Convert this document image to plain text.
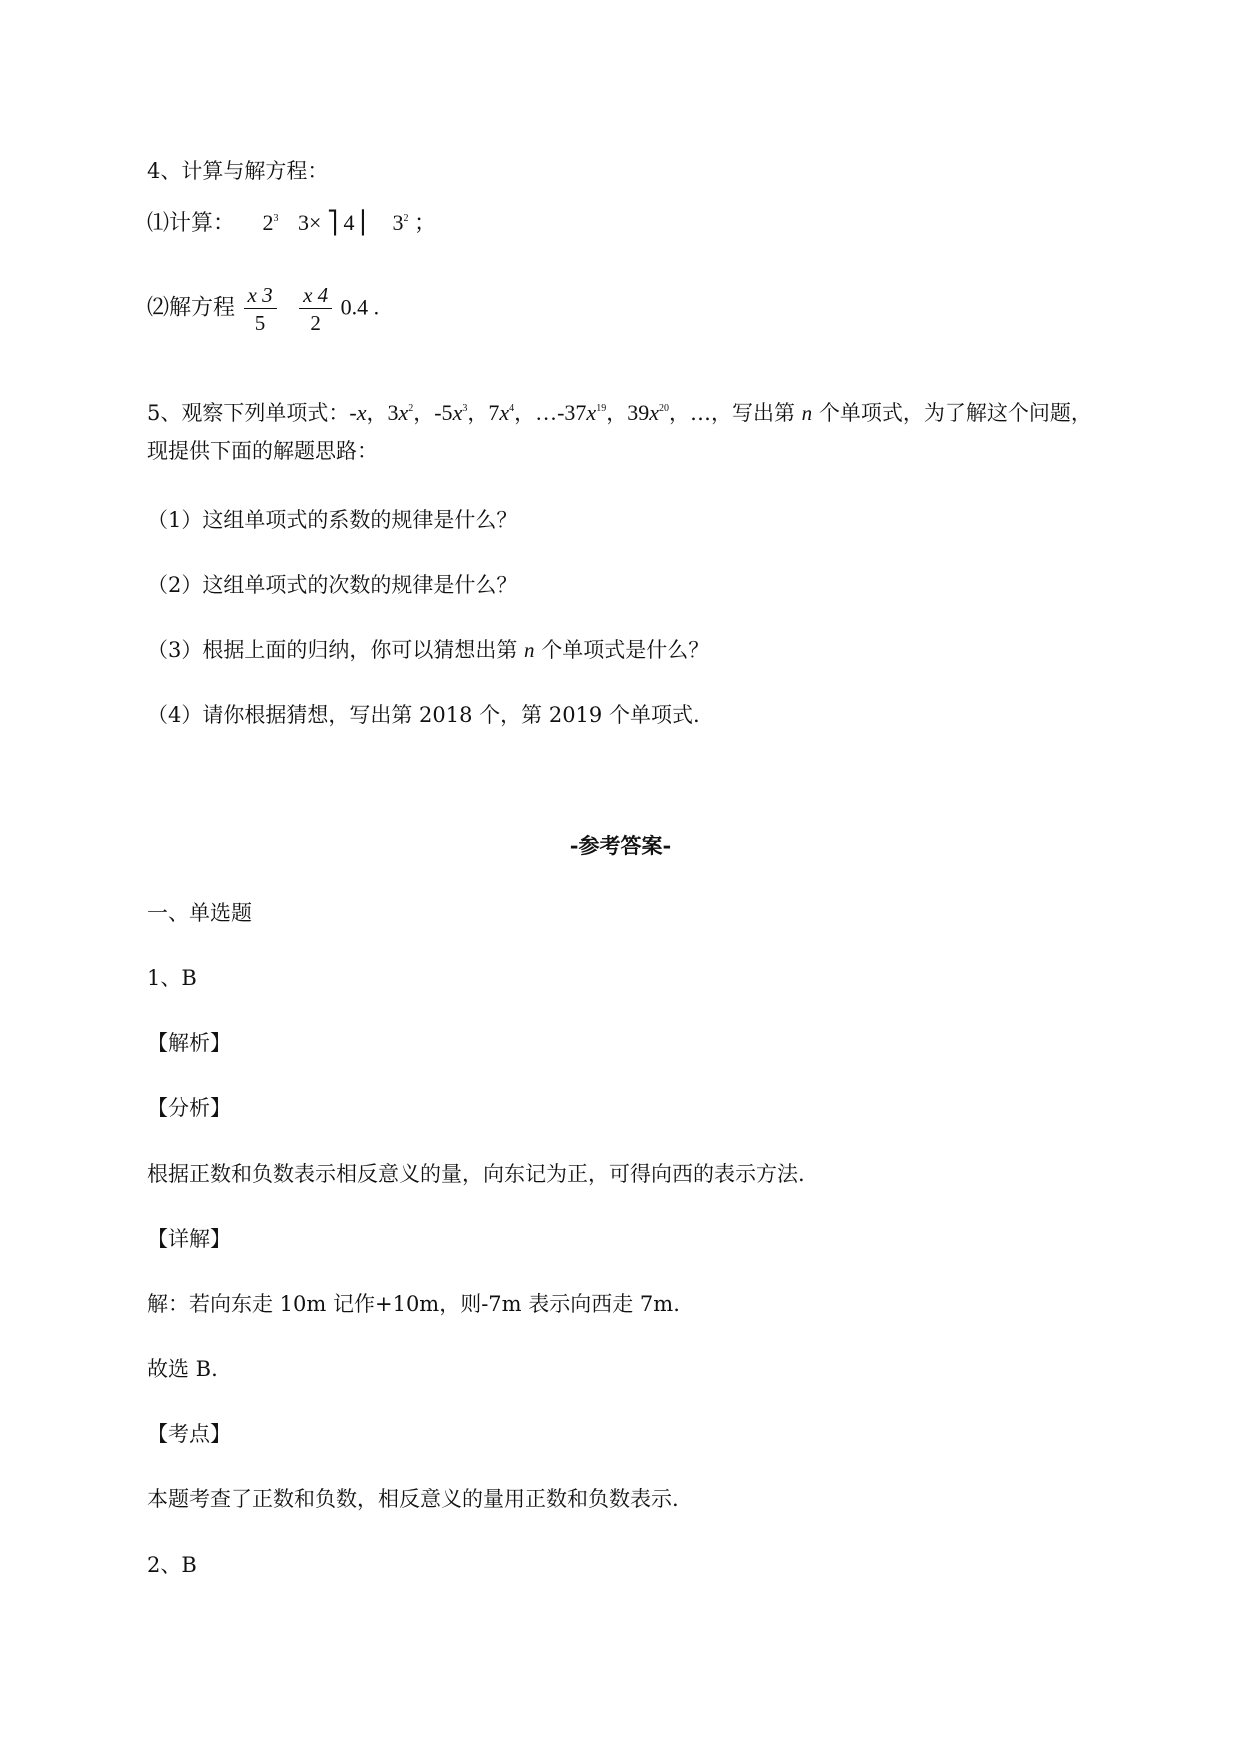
4、计算与解方程：
⑴计算： $2^3$ 3× ⎤ 4 ⎢ $3^2$ ；
⑵解方程 $\frac{x 3}{5}$
$\frac{x 4}{2} 0.4$ .
5、观察下列单项式：-x，$3x^2$，$-5x^3$，$7x^4$，$\dots-37x^{19}$，$39x^{20}$，…，写出第 n 个单项式，为了解这个问题，
现提供下面的解题思路：
（1）这组单项式的系数的规律是什么？
（2）这组单项式的次数的规律是什么？
（3）根据上面的归纳，你可以猜想出第 n 个单项式是什么？
（4）请你根据猜想，写出第 2018 个，第 2019 个单项式.
-参考答案-
一、单选题
1、B
【解析】
【分析】
根据正数和负数表示相反意义的量，向东记为正，可得向西的表示方法.
【详解】
解：若向东走 10m 记作+10m，则-7m 表示向西走 7m.
故选 B.
【考点】
本题考查了正数和负数，相反意义的量用正数和负数表示.
2、B
